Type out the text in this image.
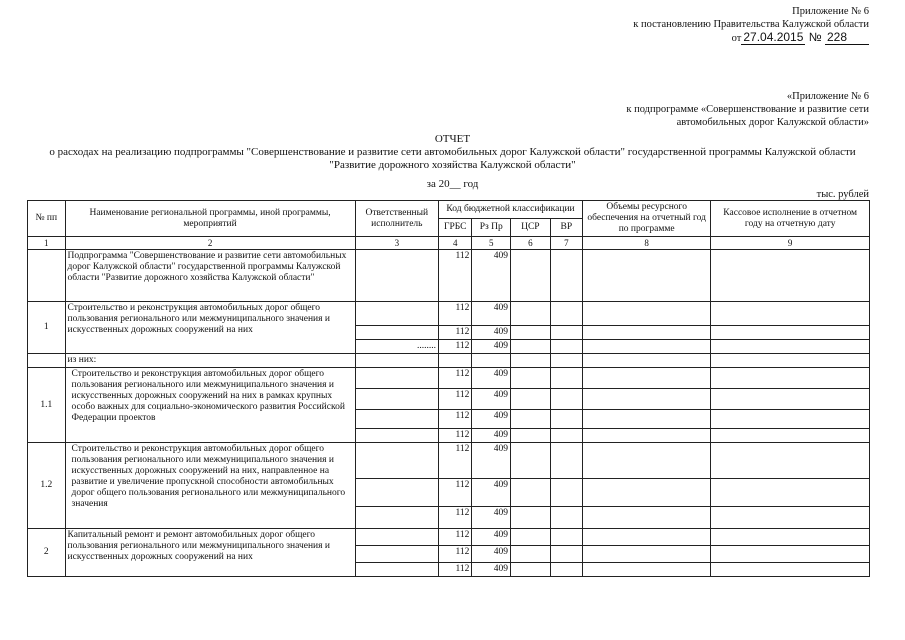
Приложение № 6
к постановлению Правительства Калужской области
от 27.04.2015 № 228
«Приложение № 6
к подпрограмме «Совершенствование и развитие сети
автомобильных дорог Калужской области»
ОТЧЕТ
о расходах на реализацию подпрограммы "Совершенствование и развитие сети автомобильных дорог Калужской области" государственной программы Калужской области "Развитие дорожного хозяйства Калужской области"
за 20__ год
тыс. рублей
№ пп	Наименование региональной программы, иной программы, мероприятий	Ответственный исполнитель	Код бюджетной классификации				Объемы ресурсного обеспечения на отчетный год по программе	Кассовое исполнение в отчетном году на отчетную дату
			ГРБС	Рз Пр	ЦСР	ВР		
1	2	3	4	5	6	7	8	9
	Подпрограмма "Совершенствование и развитие сети автомобильных дорог Калужской области" государственной программы Калужской области "Развитие дорожного хозяйства Калужской области"		112	409				
1	Строительство и реконструкция автомобильных дорог общего пользования регионального или межмуниципального значения и искусственных дорожных сооружений на них		112	409				
			112	409				
		........	112	409				
	из них:							
1.1	Строительство и реконструкция автомобильных дорог общего пользования регионального или межмуниципального значения и искусственных дорожных сооружений на них в рамках крупных особо важных для социально-экономического развития Российской Федерации проектов		112	409				
			112	409				
			112	409				
			112	409				
1.2	Строительство и реконструкция автомобильных дорог общего пользования регионального или межмуниципального значения и искусственных дорожных сооружений на них, направленное на развитие и увеличение пропускной способности автомобильных дорог общего пользования регионального или межмуниципального значения		112	409				
			112	409				
			112	409				
2	Капитальный ремонт и ремонт автомобильных дорог общего пользования регионального или межмуниципального значения и искусственных дорожных сооружений на них		112	409				
			112	409				
			112	409				
